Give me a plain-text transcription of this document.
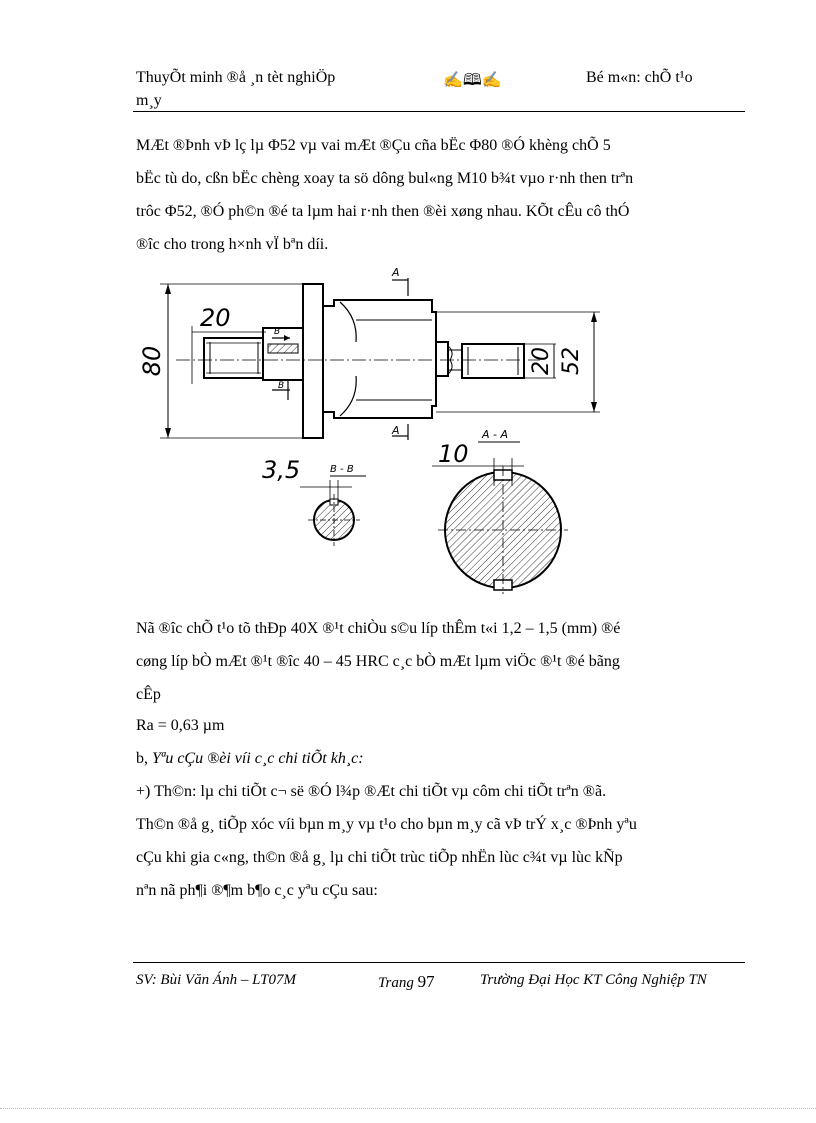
ThuyÕt minh ®å ¸n tèt nghiÖp	✍🕮✍	Bé m«n: chÕ t¹o
m¸y
MÆt ®Þnh vÞ lç lµ Φ52 vµ vai mÆt ®Çu cña bËc Φ80 ®Ó khèng chÕ 5
bËc tù do, cßn bËc chèng xoay ta sö dông bul«ng M10 b¾t vµo r·nh then trªn
trôc Φ52, ®Ó ph©n ®é ta lµm hai r·nh then ®èi xøng nhau. KÕt cÊu cô thÓ
®îc cho trong h×nh vÏ bªn díi.
80
20	B
B
A
A
20 52
3,5	B - B
10
A - A
Nã ®îc chÕ t¹o tõ thÐp 40X ®¹t chiÒu s©u líp thÊm t«i 1,2 – 1,5 (mm) ®é
cøng líp bÒ mÆt ®¹t ®îc 40 – 45 HRC c¸c bÒ mÆt lµm viÖc ®¹t ®é bãng
cÊp
Ra = 0,63 µm
b, Yªu cÇu ®èi víi c¸c chi tiÕt kh¸c:
+) Th©n: lµ chi tiÕt c¬ së ®Ó l¾p ®Æt chi tiÕt vµ côm chi tiÕt trªn ®ã.
Th©n ®å g¸ tiÕp xóc víi bµn m¸y vµ t¹o cho bµn m¸y cã vÞ trÝ x¸c ®Þnh yªu
cÇu khi gia c«ng, th©n ®å g¸ lµ chi tiÕt trùc tiÕp nhËn lùc c¾t vµ lùc kÑp
nªn nã ph¶i ®¶m b¶o c¸c yªu cÇu sau:
SV: Bùi Văn Ánh – LT07M	Trang 97	Trường Đại Học KT Công Nghiệp TN
